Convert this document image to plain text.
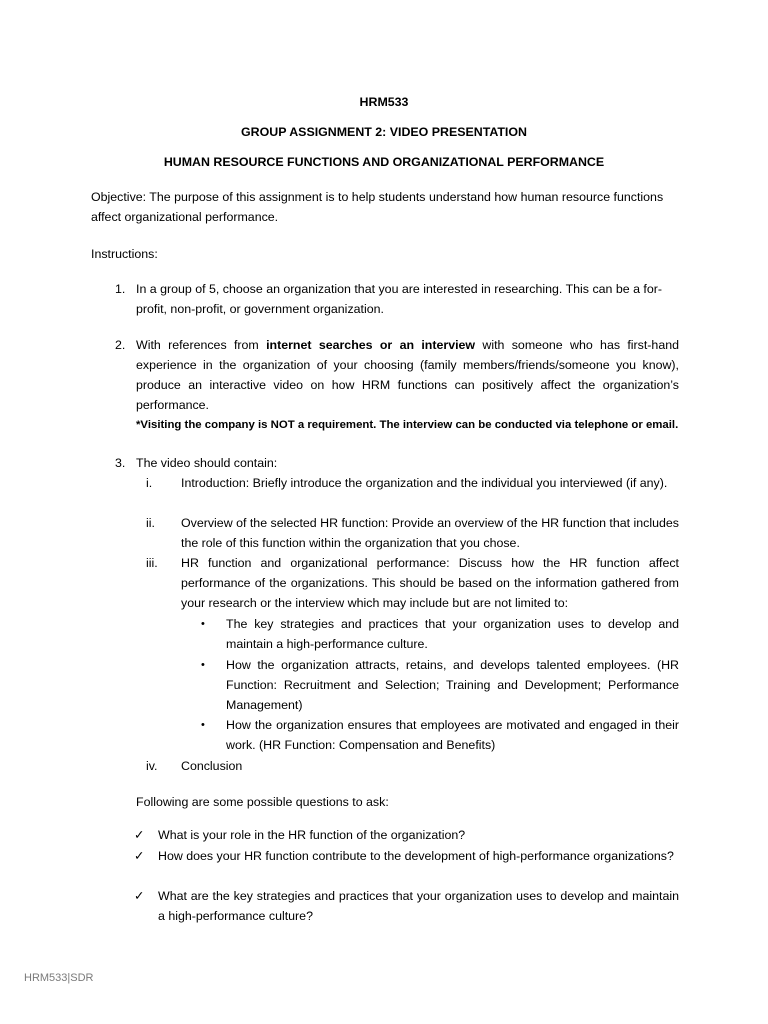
HRM533
GROUP ASSIGNMENT 2: VIDEO PRESENTATION
HUMAN RESOURCE FUNCTIONS AND ORGANIZATIONAL PERFORMANCE
Objective: The purpose of this assignment is to help students understand how human resource functions affect organizational performance.
Instructions:
1. In a group of 5, choose an organization that you are interested in researching. This can be a for-profit, non-profit, or government organization.
2. With references from internet searches or an interview with someone who has first-hand experience in the organization of your choosing (family members/friends/someone you know), produce an interactive video on how HRM functions can positively affect the organization’s performance.
*Visiting the company is NOT a requirement. The interview can be conducted via telephone or email.
3. The video should contain:
i.	Introduction: Briefly introduce the organization and the individual you interviewed (if any).
ii.	Overview of the selected HR function: Provide an overview of the HR function that includes the role of this function within the organization that you chose.
iii.	HR function and organizational performance: Discuss how the HR function affect performance of the organizations. This should be based on the information gathered from your research or the interview which may include but are not limited to:
• The key strategies and practices that your organization uses to develop and maintain a high-performance culture.
• How the organization attracts, retains, and develops talented employees. (HR Function: Recruitment and Selection; Training and Development; Performance Management)
• How the organization ensures that employees are motivated and engaged in their work. (HR Function: Compensation and Benefits)
iv.	Conclusion
Following are some possible questions to ask:
✓ What is your role in the HR function of the organization?
✓ How does your HR function contribute to the development of high-performance organizations?
✓ What are the key strategies and practices that your organization uses to develop and maintain a high-performance culture?
HRM533|SDR
